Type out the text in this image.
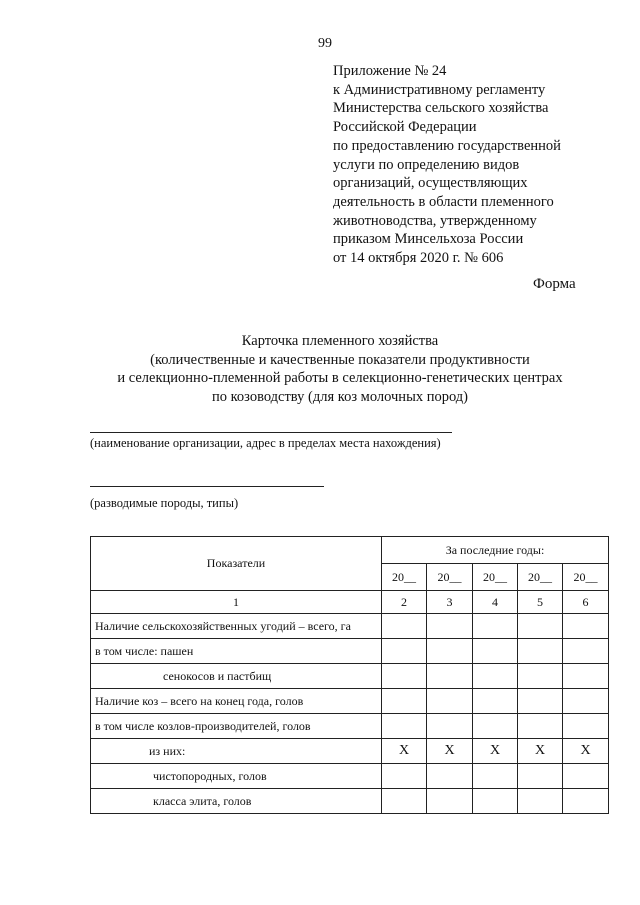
99
Приложение № 24
к Административному регламенту
Министерства сельского хозяйства
Российской Федерации
по предоставлению государственной
услуги по определению видов
организаций, осуществляющих
деятельность в области племенного
животноводства, утвержденному
приказом Минсельхоза России
от 14 октября 2020 г. № 606
Форма
Карточка племенного хозяйства
(количественные и качественные показатели продуктивности
и селекционно-племенной работы в селекционно-генетических центрах
по козоводству (для коз молочных пород)
(наименование организации, адрес в пределах места нахождения)
(разводимые породы, типы)
Показатели	За последние годы:				
	20__	20__	20__	20__	20__
1	2	3	4	5	6
Наличие сельскохозяйственных угодий – всего, га					
в том числе: пашен					
сенокосов и пастбищ					
Наличие коз – всего на конец года, голов					
в том числе козлов-производителей, голов					
из них:	X	X	X	X	X
чистопородных, голов					
класса элита, голов					
